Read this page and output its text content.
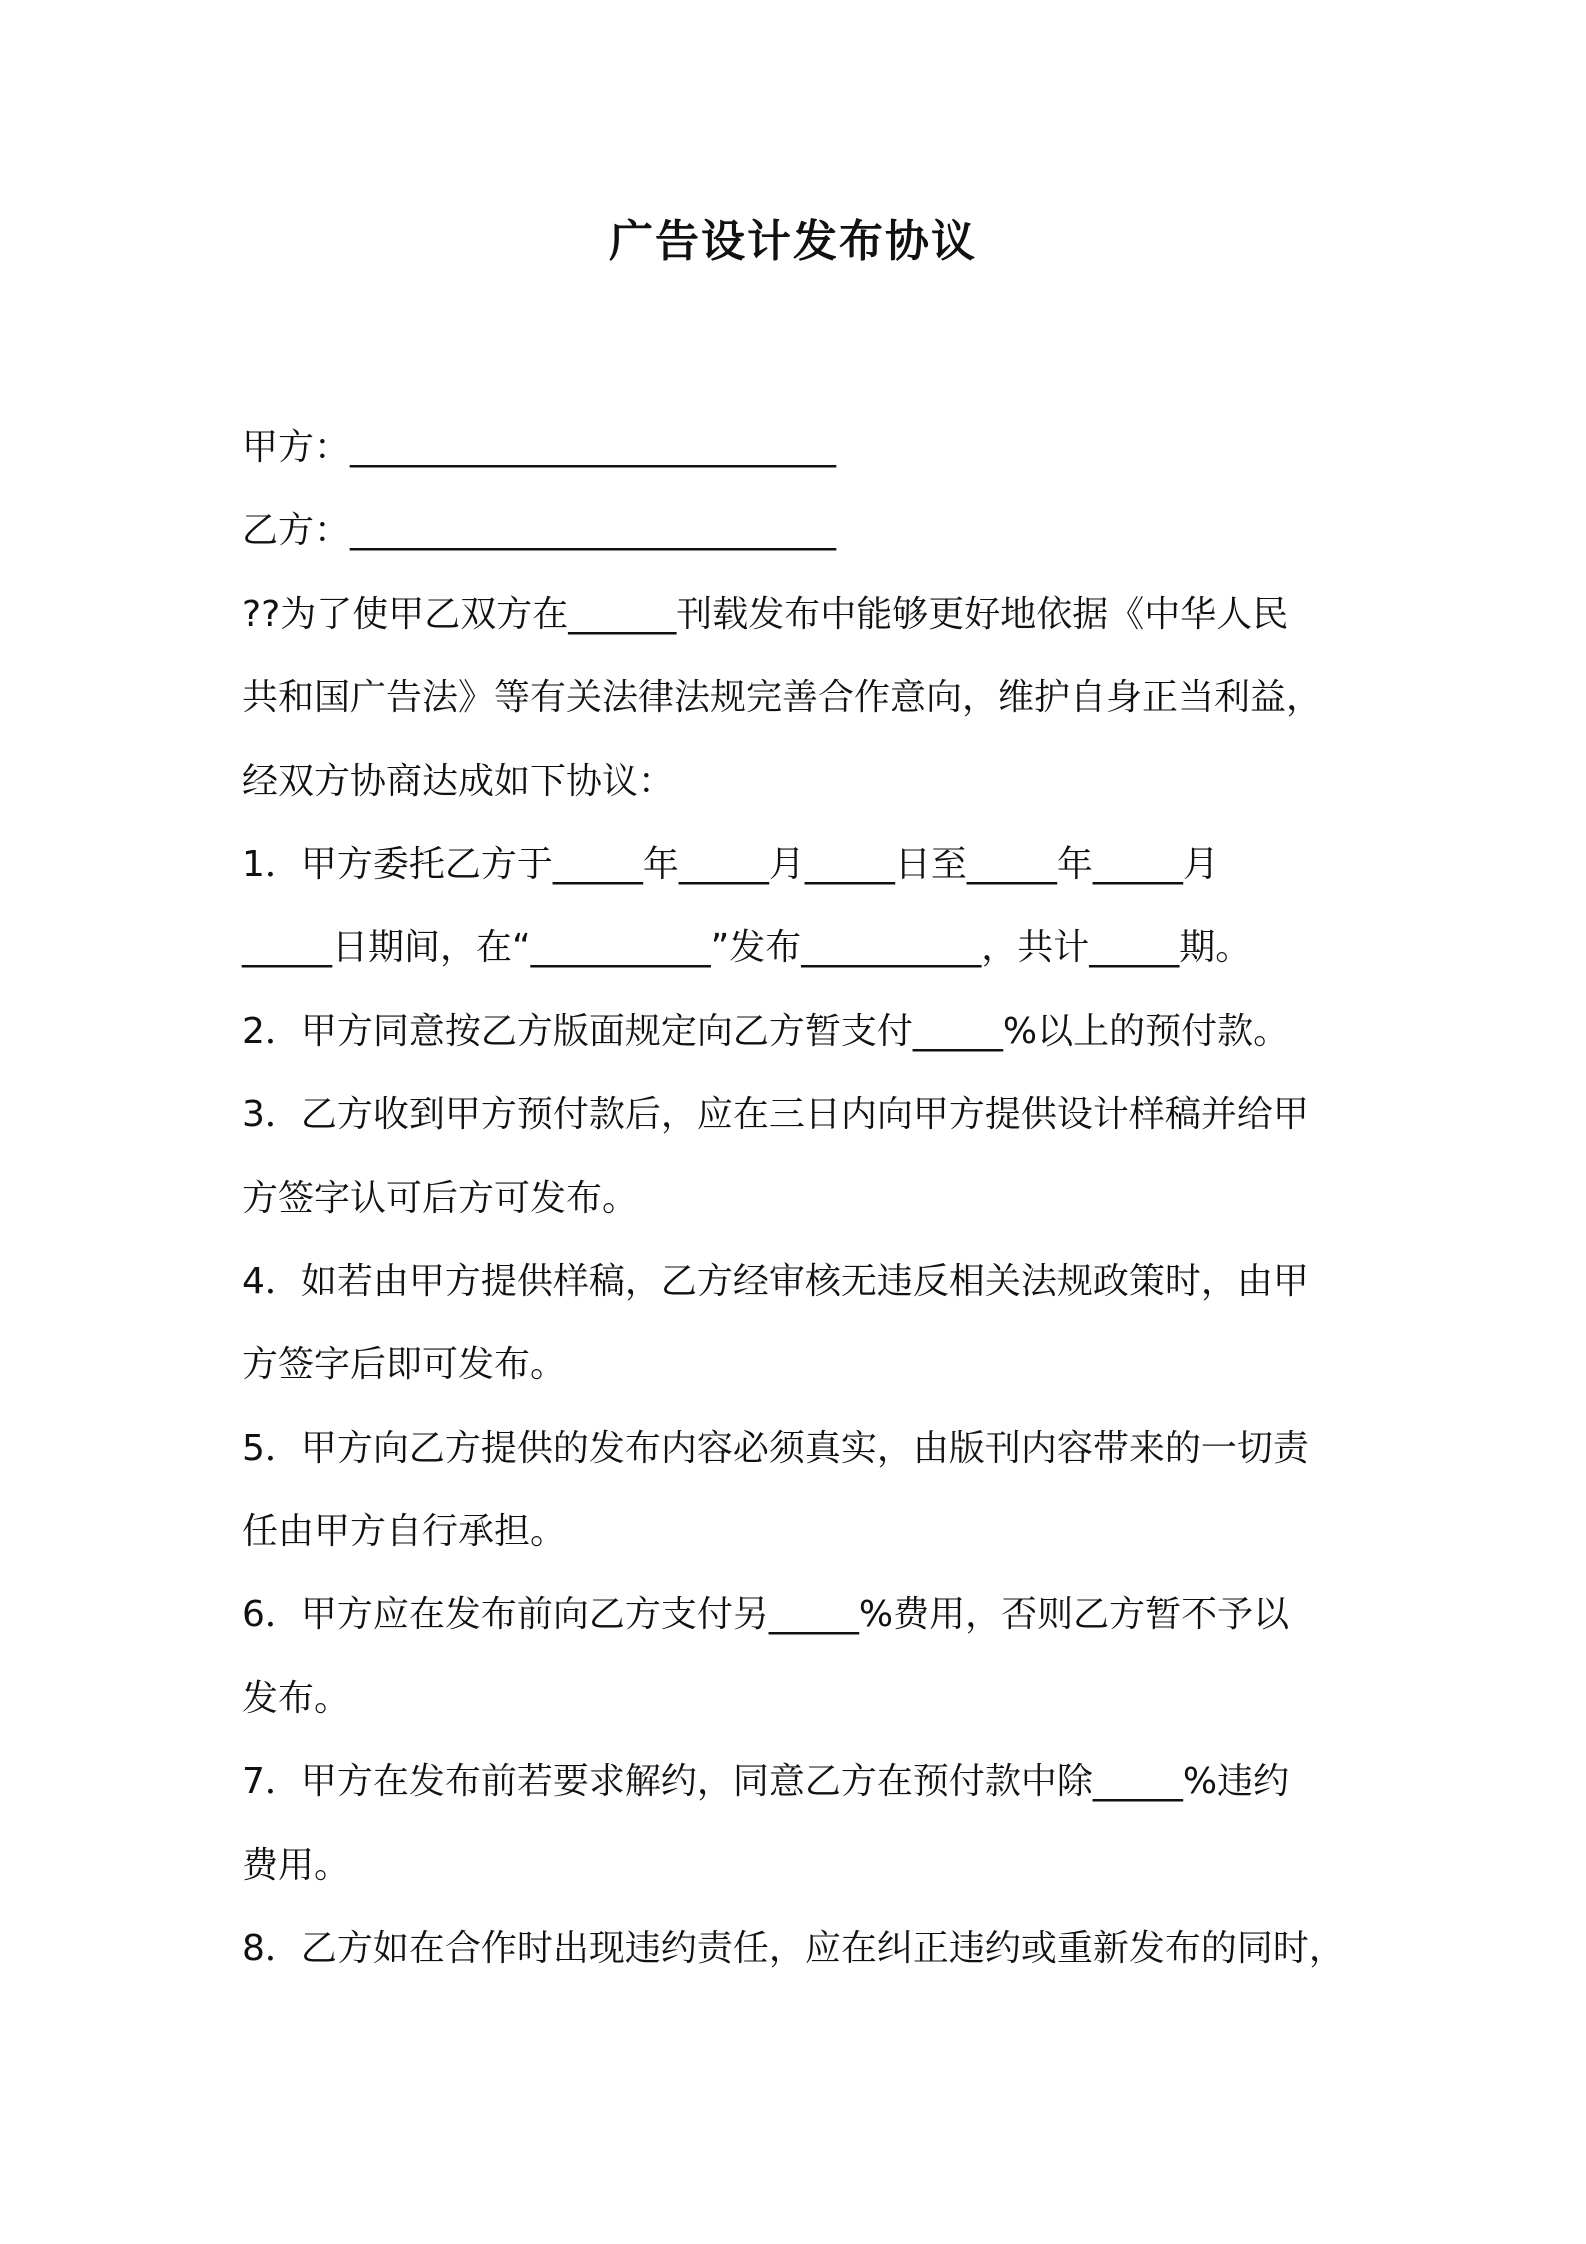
广告设计发布协议

甲方：___________________________

乙方：___________________________

??为了使甲乙双方在______刊载发布中能够更好地依据《中华人民

共和国广告法》等有关法律法规完善合作意向，维护自身正当利益，

经双方协商达成如下协议：

1．甲方委托乙方于_____年_____月_____日至_____年_____月

_____日期间，在“__________”发布__________，共计_____期。

2．甲方同意按乙方版面规定向乙方暂支付_____%以上的预付款。

3．乙方收到甲方预付款后，应在三日内向甲方提供设计样稿并给甲

方签字认可后方可发布。

4．如若由甲方提供样稿，乙方经审核无违反相关法规政策时，由甲

方签字后即可发布。

5．甲方向乙方提供的发布内容必须真实，由版刊内容带来的一切责

任由甲方自行承担。

6．甲方应在发布前向乙方支付另_____%费用，否则乙方暂不予以

发布。

7．甲方在发布前若要求解约，同意乙方在预付款中除_____%违约

费用。

8．乙方如在合作时出现违约责任，应在纠正违约或重新发布的同时，
